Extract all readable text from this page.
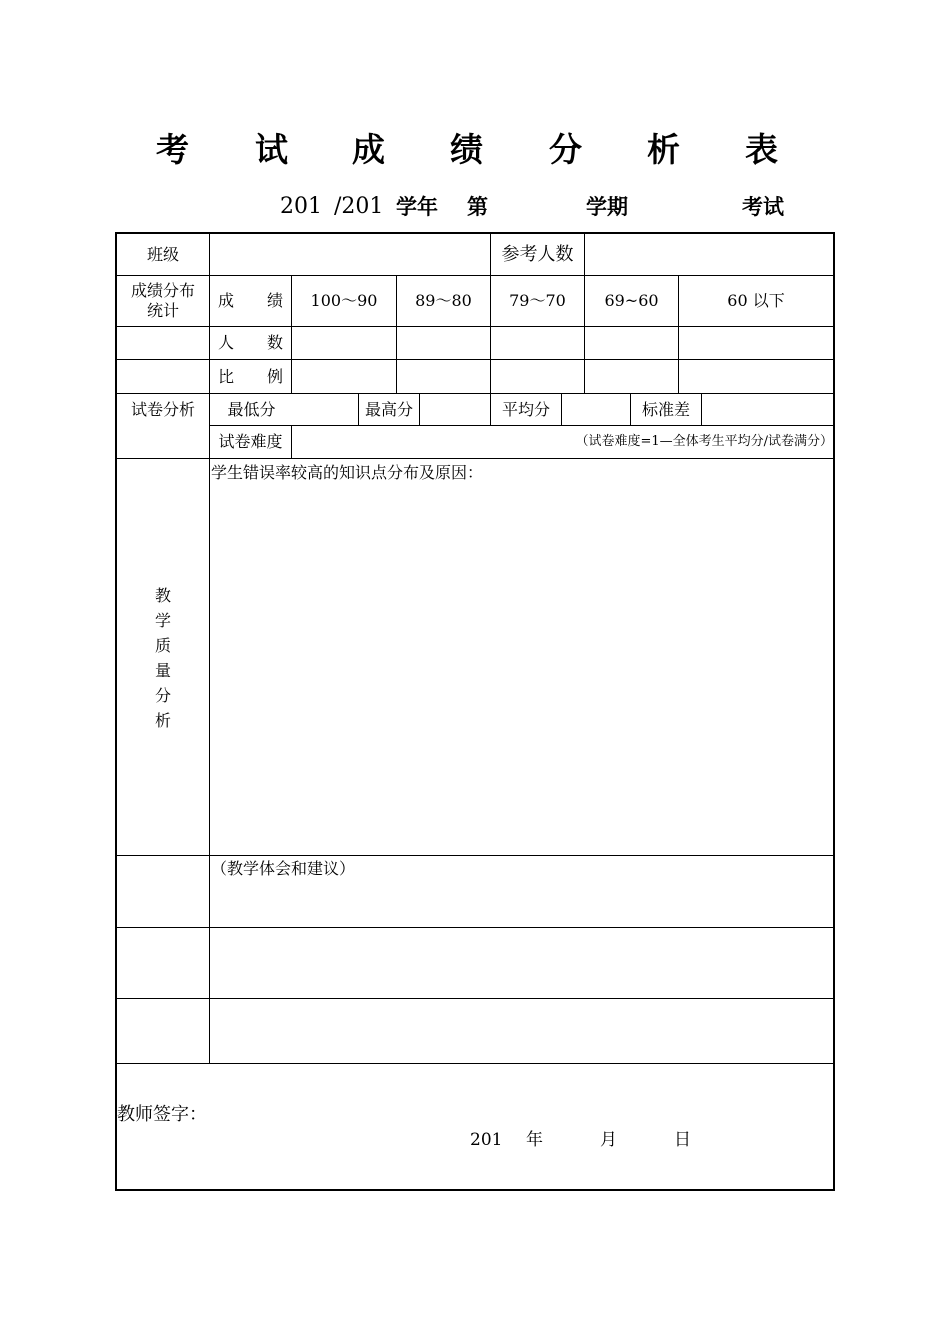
考 试 成 绩 分 析 表
201 /201 学年 第	学期	考试
班级	参考人数
成绩分布
统计
成 绩	100～90	89～80	79～70	69~60	60 以下
人 数
比 例
试卷分析	最低分	最高分	平均分	标准差
试卷难度	（试卷难度=1—全体考生平均分/试卷满分）
教
学
质
量
分
析
学生错误率较高的知识点分布及原因：
（教学体会和建议）
教师签字：
201 年	月	日
